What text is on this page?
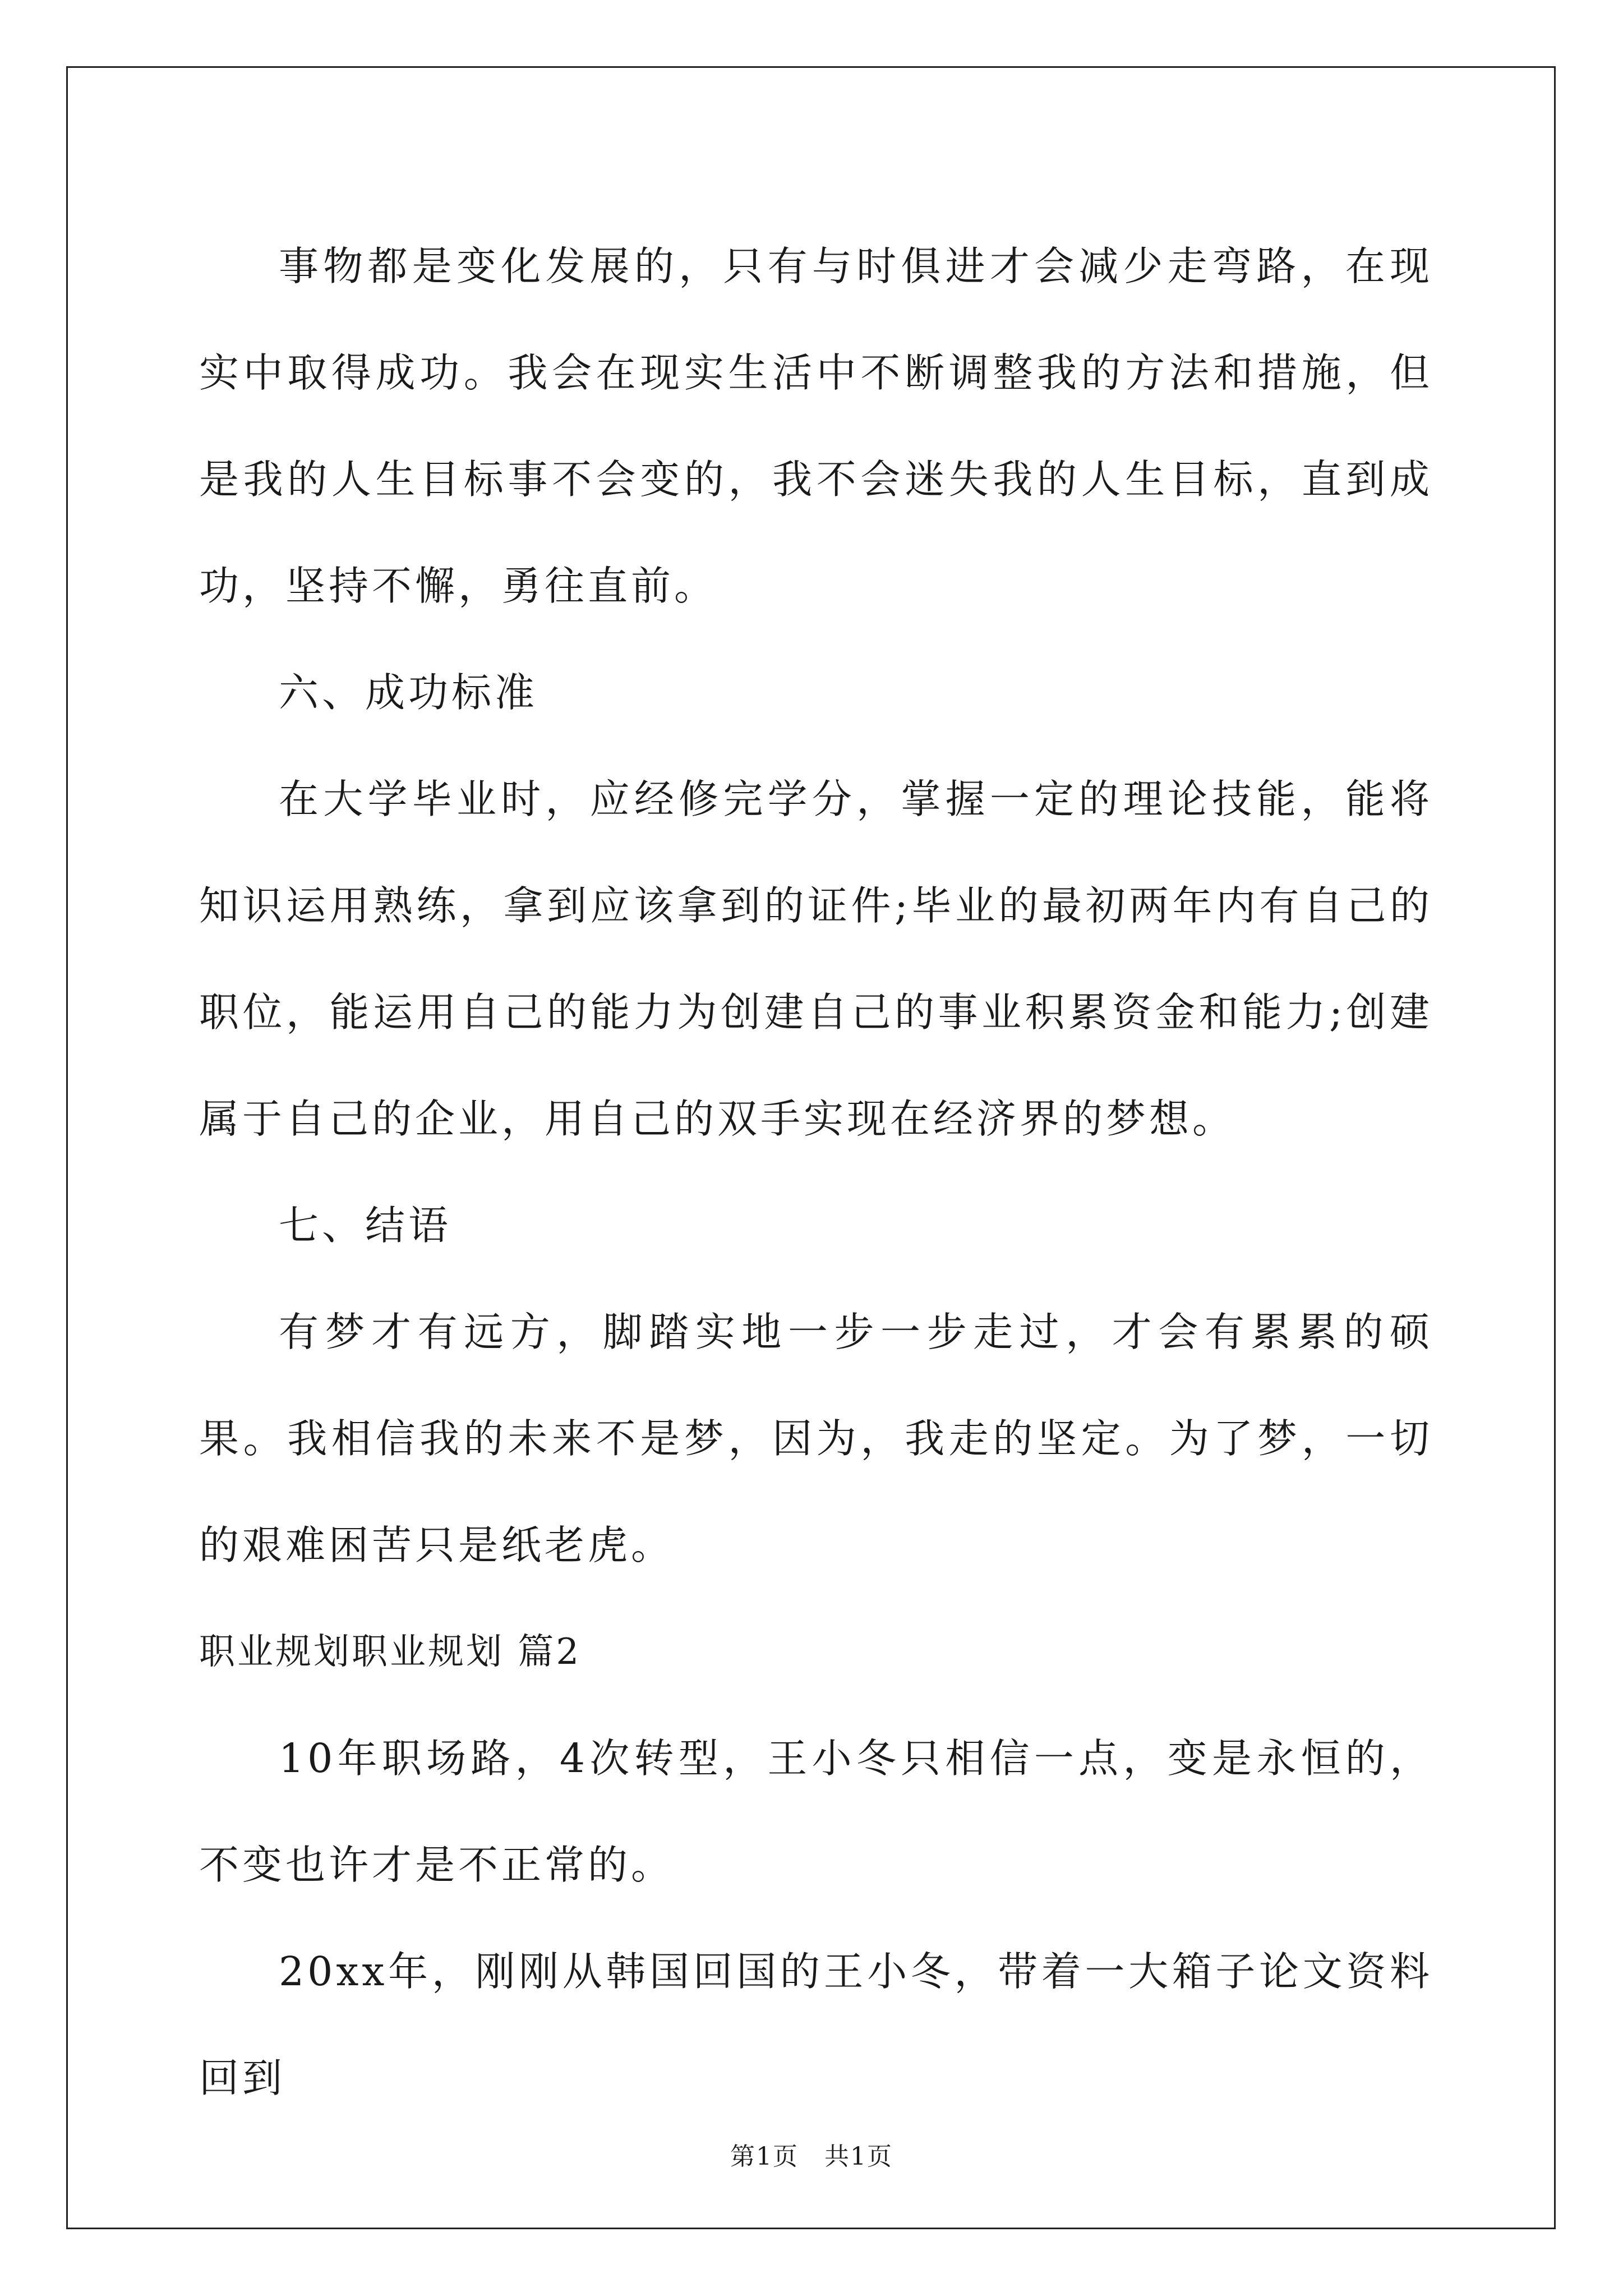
事物都是变化发展的，只有与时俱进才会减少走弯路，在现实中取得成功。我会在现实生活中不断调整我的方法和措施，但是我的人生目标事不会变的，我不会迷失我的人生目标，直到成功，坚持不懈，勇往直前。

六、成功标准

在大学毕业时，应经修完学分，掌握一定的理论技能，能将知识运用熟练，拿到应该拿到的证件;毕业的最初两年内有自己的职位，能运用自己的能力为创建自己的事业积累资金和能力;创建属于自己的企业，用自己的双手实现在经济界的梦想。

七、结语

有梦才有远方，脚踏实地一步一步走过，才会有累累的硕果。我相信我的未来不是梦，因为，我走的坚定。为了梦，一切的艰难困苦只是纸老虎。

职业规划职业规划 篇2

10年职场路，4次转型，王小冬只相信一点，变是永恒的，不变也许才是不正常的。

20xx年，刚刚从韩国回国的王小冬，带着一大箱子论文资料回到

第1页　共1页
